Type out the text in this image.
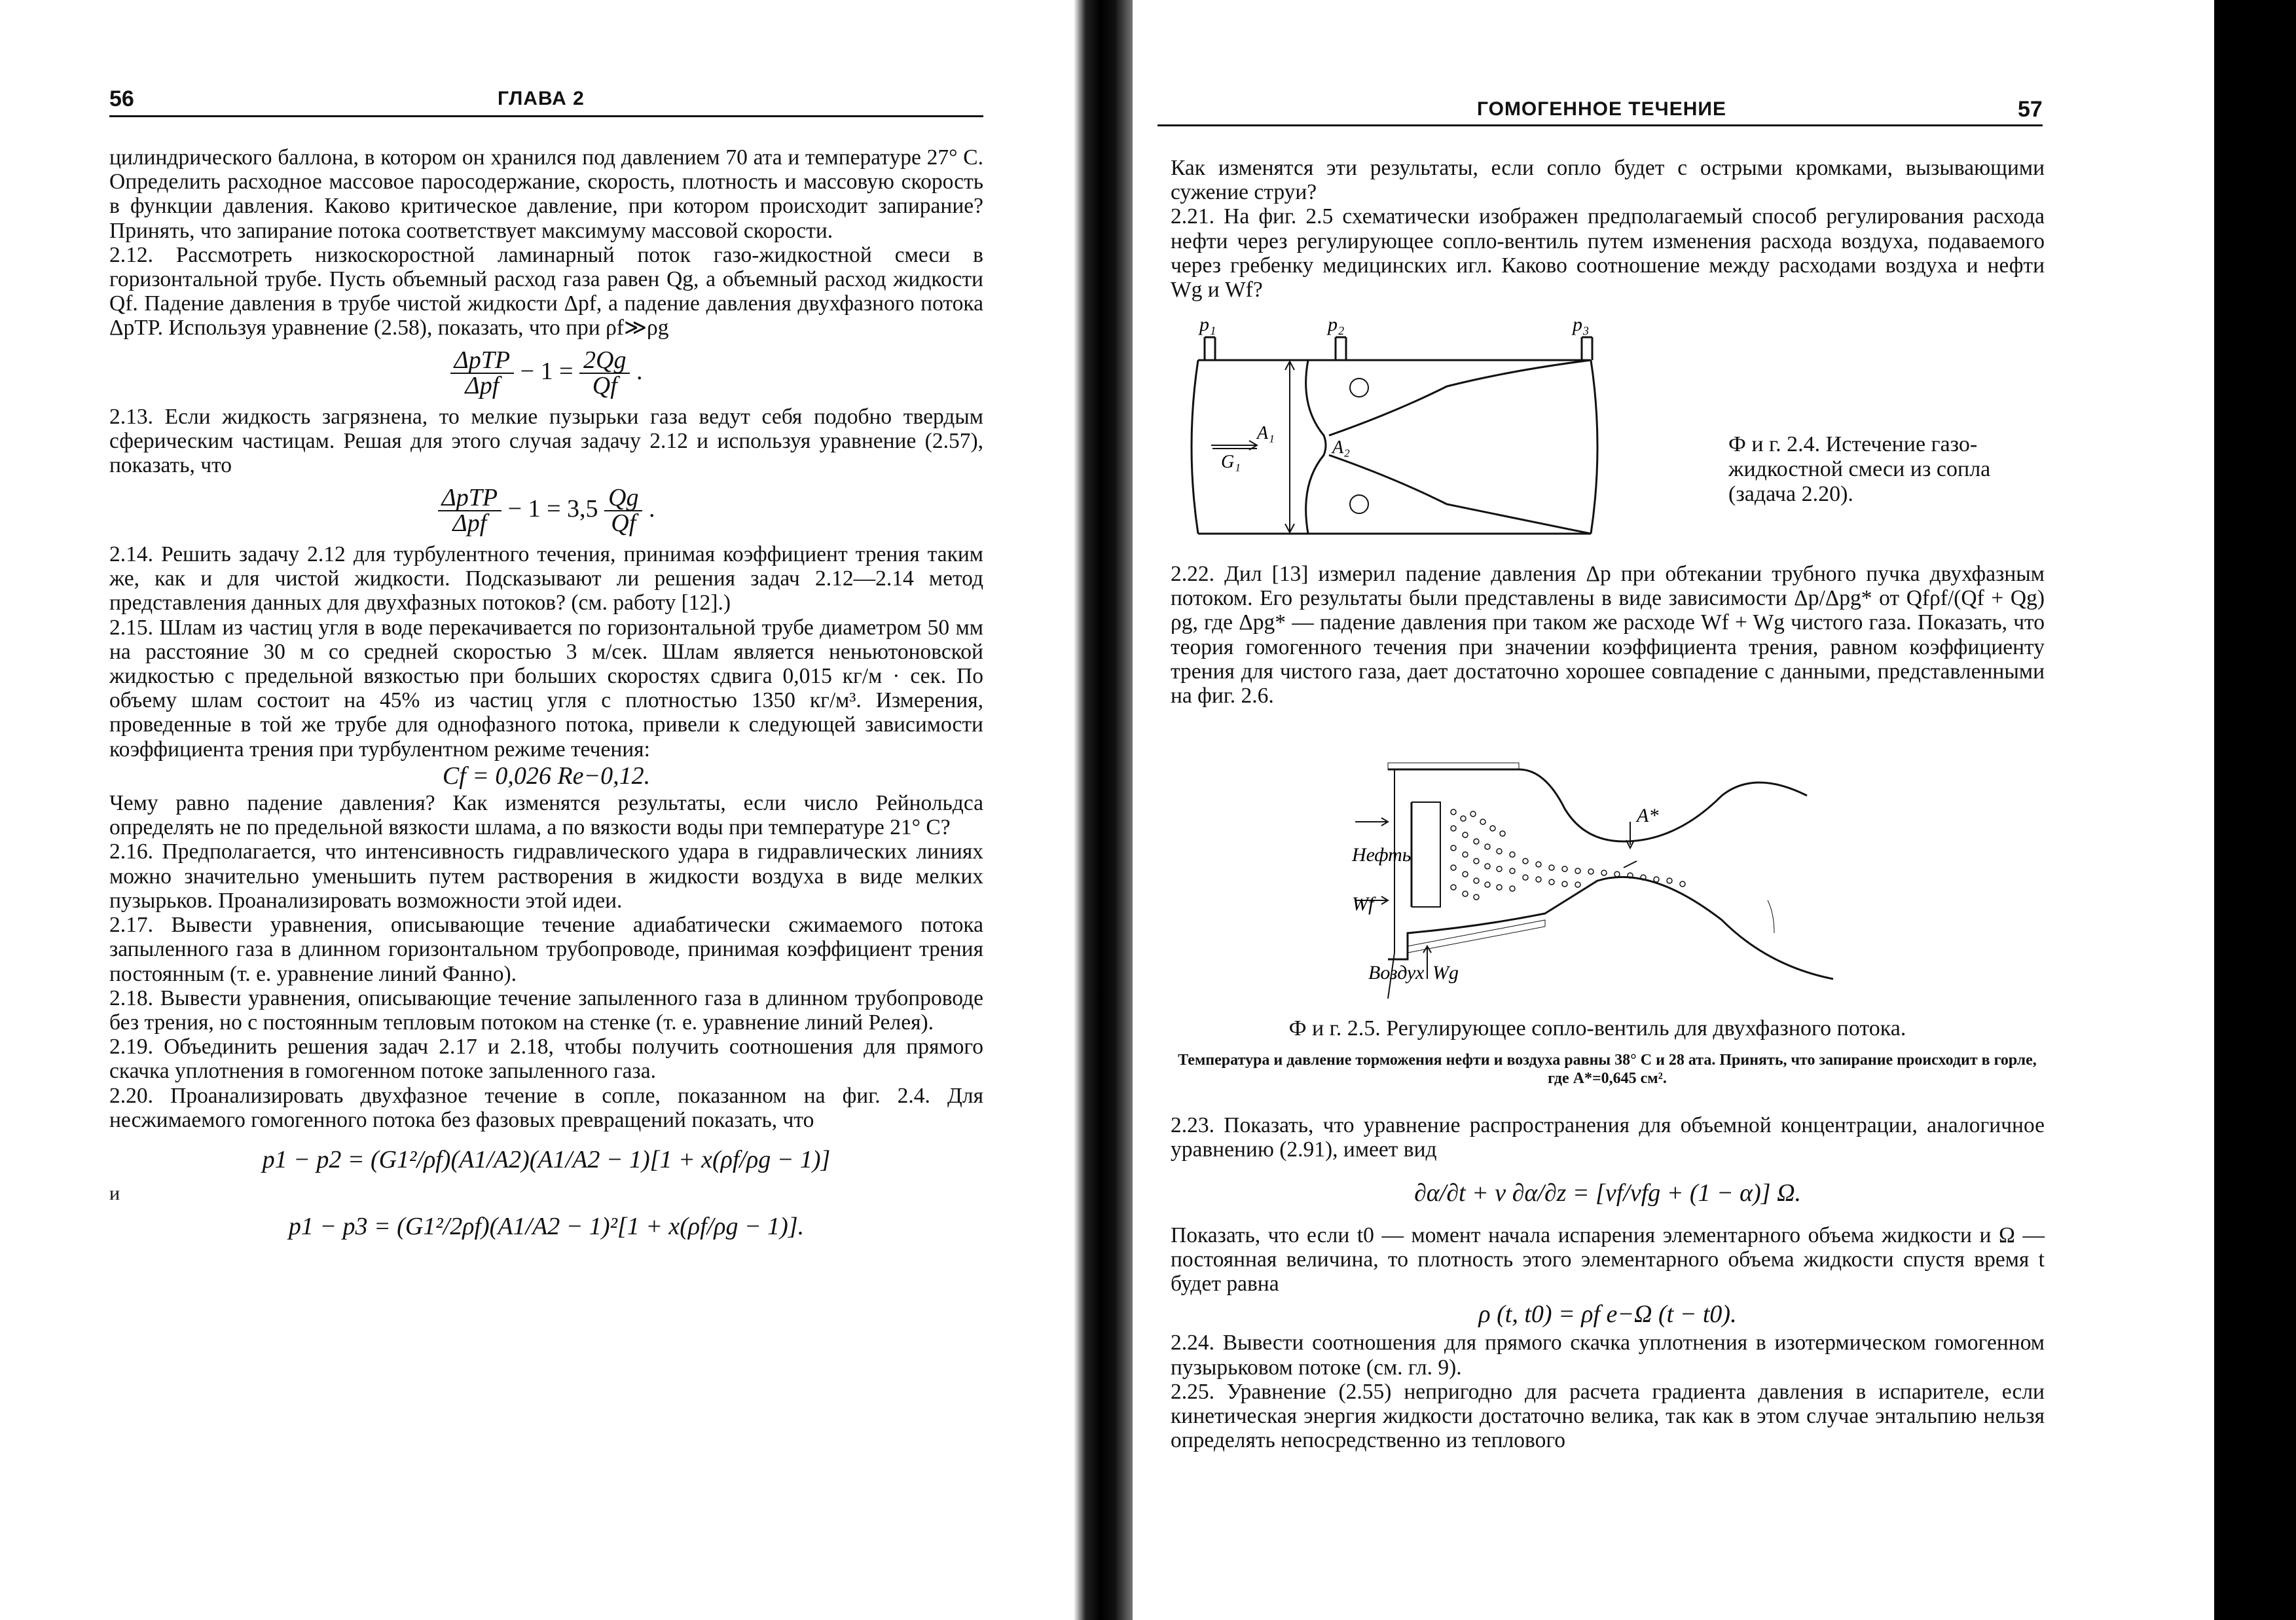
56	ГЛАВА 2

цилиндрического баллона, в котором он хранился под давлением 70 ата и температуре 27° С. Определить расходное массовое паросодержание, скорость, плотность и массовую скорость в функции давления. Каково критическое давление, при котором происходит запирание? Принять, что запирание потока соответствует максимуму массовой скорости.

2.12. Рассмотреть низкоскоростной ламинарный поток газо-жидкостной смеси в горизонтальной трубе. Пусть объемный расход газа равен Qg, а объемный расход жидкости Qf. Падение давления в трубе чистой жидкости Δpf, а падение давления двухфазного потока ΔpTP. Используя уравнение (2.58), показать, что при ρf≫ρg

$\frac{\text{ΔpTP}}{\text{Δpf}} - 1 = \frac{2Qg}{Qf}$ .

2.13. Если жидкость загрязнена, то мелкие пузырьки газа ведут себя подобно твердым сферическим частицам. Решая для этого случая задачу 2.12 и используя уравнение (2.57), показать, что

$\frac{\text{ΔpTP}}{\text{Δpf}} - 1 = 3,5 \frac{Qg}{Qf}$ .

2.14. Решить задачу 2.12 для турбулентного течения, принимая коэффициент трения таким же, как и для чистой жидкости. Подсказывают ли решения задач 2.12—2.14 метод представления данных для двухфазных потоков? (см. работу [12].)

2.15. Шлам из частиц угля в воде перекачивается по горизонтальной трубе диаметром 50 мм на расстояние 30 м со средней скоростью 3 м/сек. Шлам является неньютоновской жидкостью с предельной вязкостью при больших скоростях сдвига 0,015 кг/м · сек. По объему шлам состоит на 45% из частиц угля с плотностью 1350 кг/м³. Измерения, проведенные в той же трубе для однофазного потока, привели к следующей зависимости коэффициента трения при турбулентном режиме течения:

Cf = 0,026 Re−0,12.

Чему равно падение давления? Как изменятся результаты, если число Рейнольдса определять не по предельной вязкости шлама, а по вязкости воды при температуре 21° С?

2.16. Предполагается, что интенсивность гидравлического удара в гидравлических линиях можно значительно уменьшить путем растворения в жидкости воздуха в виде мелких пузырьков. Проанализировать возможности этой идеи.

2.17. Вывести уравнения, описывающие течение адиабатически сжимаемого потока запыленного газа в длинном горизонтальном трубопроводе, принимая коэффициент трения постоянным (т. е. уравнение линий Фанно).

2.18. Вывести уравнения, описывающие течение запыленного газа в длинном трубопроводе без трения, но с постоянным тепловым потоком на стенке (т. е. уравнение линий Релея).

2.19. Объединить решения задач 2.17 и 2.18, чтобы получить соотношения для прямого скачка уплотнения в гомогенном потоке запыленного газа.

2.20. Проанализировать двухфазное течение в сопле, показанном на фиг. 2.4. Для несжимаемого гомогенного потока без фазовых превращений показать, что

p1 − p2 = (G1²/ρf)(A1/A2)(A1/A2 − 1)[1 + x(ρf/ρg − 1)]

и

p1 − p3 = (G1²/2ρf)(A1/A2 − 1)²[1 + x(ρf/ρg − 1)].
ГОМОГЕННОЕ ТЕЧЕНИЕ	57

Как изменятся эти результаты, если сопло будет с острыми кромками, вызывающими сужение струи?

2.21. На фиг. 2.5 схематически изображен предполагаемый способ регулирования расхода нефти через регулирующее сопло-вентиль путем изменения расхода воздуха, подаваемого через гребенку медицинских игл. Каково соотношение между расходами воздуха и нефти Wg и Wf?

p₁	p₂	p₃
A₁
A₂
G₁
Ф и г. 2.4. Истечение газо-жидкостной смеси из сопла (задача 2.20).

2.22. Дил [13] измерил падение давления Δp при обтекании трубного пучка двухфазным потоком. Его результаты были представлены в виде зависимости Δp/Δpg* от Qfρf/(Qf + Qg) ρg, где Δpg* — падение давления при таком же расходе Wf + Wg чистого газа. Показать, что теория гомогенного течения при значении коэффициента трения, равном коэффициенту трения для чистого газа, дает достаточно хорошее совпадение с данными, представленными на фиг. 2.6.

Нефть
Wf
A*
Воздух Wg
Ф и г. 2.5. Регулирующее сопло-вентиль для двухфазного потока.
Температура и давление торможения нефти и воздуха равны 38° С и 28 ата. Принять, что запирание происходит в горле, где A*=0,645 см².

2.23. Показать, что уравнение распространения для объемной концентрации, аналогичное уравнению (2.91), имеет вид

∂α/∂t + v ∂α/∂z = [vf/vfg + (1 − α)] Ω.

Показать, что если t0 — момент начала испарения элементарного объема жидкости и Ω — постоянная величина, то плотность этого элементарного объема жидкости спустя время t будет равна

ρ (t, t0) = ρf e−Ω (t − t0).

2.24. Вывести соотношения для прямого скачка уплотнения в изотермическом гомогенном пузырьковом потоке (см. гл. 9).

2.25. Уравнение (2.55) непригодно для расчета градиента давления в испарителе, если кинетическая энергия жидкости достаточно велика, так как в этом случае энтальпию нельзя определять непосредственно из теплового
